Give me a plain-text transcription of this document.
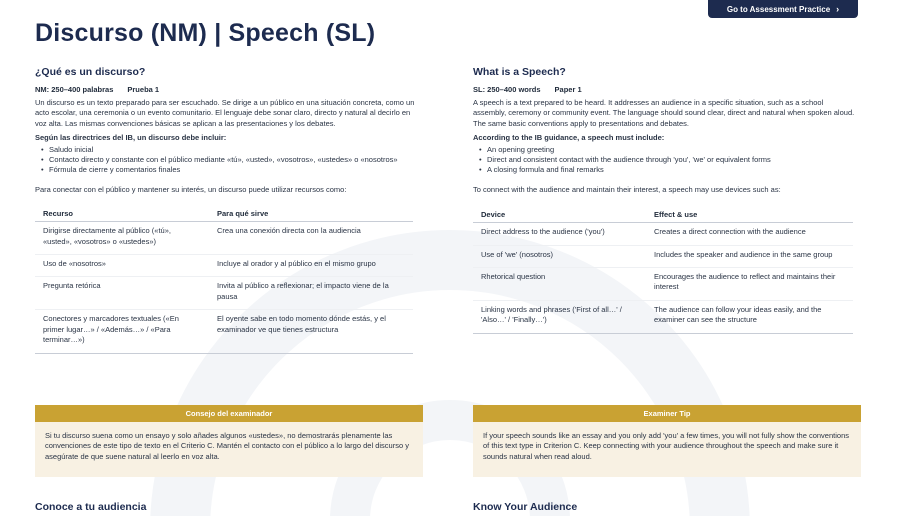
Go to Assessment Practice ›
Discurso (NM) | Speech (SL)
¿Qué es un discurso?
NM: 250–400 palabras Prueba 1

Un discurso es un texto preparado para ser escuchado. Se dirige a un público en una situación concreta, como un acto escolar, una ceremonia o un evento comunitario. El lenguaje debe sonar claro, directo y natural al decirlo en voz alta. Las mismas convenciones básicas se aplican a las presentaciones y los debates.

Según las directrices del IB, un discurso debe incluir:

• Saludo inicial
• Contacto directo y constante con el público mediante «tú», «usted», «vosotros», «ustedes» o «nosotros»
• Fórmula de cierre y comentarios finales

Para conectar con el público y mantener su interés, un discurso puede utilizar recursos como:

Recurso	Para qué sirve
Dirigirse directamente al público («tú», «usted», «vosotros» o «ustedes»)	Crea una conexión directa con la audiencia
Uso de «nosotros»	Incluye al orador y al público en el mismo grupo
Pregunta retórica	Invita al público a reflexionar; el impacto viene de la pausa
Conectores y marcadores textuales («En primer lugar…» / «Además…» / «Para terminar…»)	El oyente sabe en todo momento dónde estás, y el examinador ve que tienes estructura
What is a Speech?
SL: 250–400 words Paper 1

A speech is a text prepared to be heard. It addresses an audience in a specific situation, such as a school assembly, ceremony or community event. The language should sound clear, direct and natural when spoken aloud. The same basic conventions apply to presentations and debates.

According to the IB guidance, a speech must include:

• An opening greeting
• Direct and consistent contact with the audience through 'you', 'we' or equivalent forms
• A closing formula and final remarks

To connect with the audience and maintain their interest, a speech may use devices such as:

Device	Effect & use
Direct address to the audience ('you')	Creates a direct connection with the audience
Use of 'we' (nosotros)	Includes the speaker and audience in the same group
Rhetorical question	Encourages the audience to reflect and maintains their interest
Linking words and phrases ('First of all…' / 'Also…' / 'Finally…')	The audience can follow your ideas easily, and the examiner can see the structure
Consejo del examinador
Si tu discurso suena como un ensayo y solo añades algunos «ustedes», no demostrarás plenamente las convenciones de este tipo de texto en el Criterio C. Mantén el contacto con el público a lo largo del discurso y asegúrate de que suene natural al leerlo en voz alta.
Examiner Tip
If your speech sounds like an essay and you only add 'you' a few times, you will not fully show the conventions of this text type in Criterion C. Keep connecting with your audience throughout the speech and make sure it sounds natural when read aloud.
Conoce a tu audiencia	Know Your Audience
